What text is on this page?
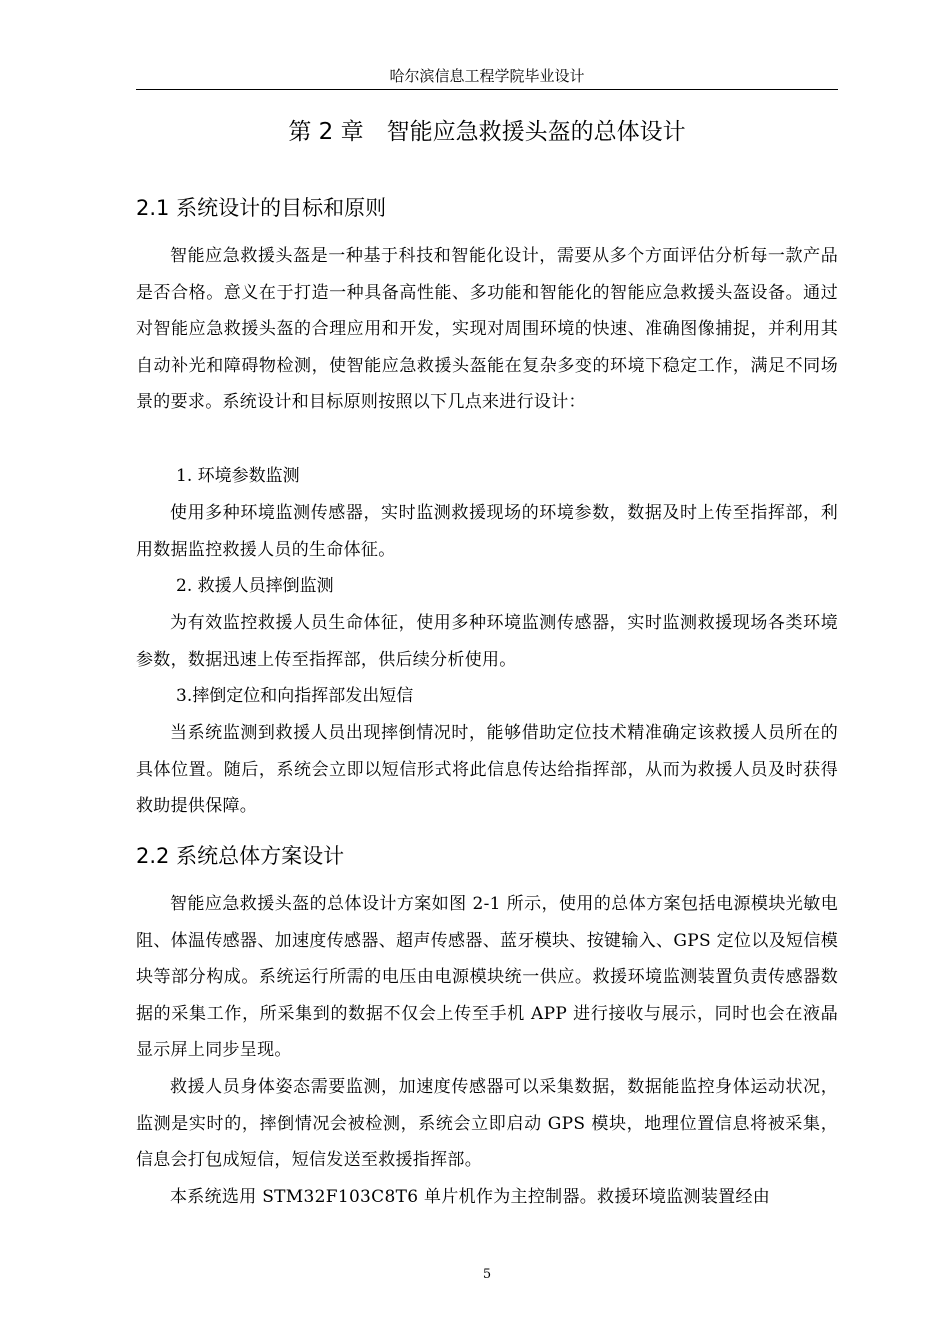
哈尔滨信息工程学院毕业设计
第 2 章　智能应急救援头盔的总体设计
2.1 系统设计的目标和原则
智能应急救援头盔是一种基于科技和智能化设计，需要从多个方面评估分析每一款产品是否合格。意义在于打造一种具备高性能、多功能和智能化的智能应急救援头盔设备。通过对智能应急救援头盔的合理应用和开发，实现对周围环境的快速、准确图像捕捉，并利用其自动补光和障碍物检测，使智能应急救援头盔能在复杂多变的环境下稳定工作，满足不同场景的要求。系统设计和目标原则按照以下几点来进行设计：
1. 环境参数监测
使用多种环境监测传感器，实时监测救援现场的环境参数，数据及时上传至指挥部，利用数据监控救援人员的生命体征。
2. 救援人员摔倒监测
为有效监控救援人员生命体征，使用多种环境监测传感器，实时监测救援现场各类环境参数，数据迅速上传至指挥部，供后续分析使用。
3.摔倒定位和向指挥部发出短信
当系统监测到救援人员出现摔倒情况时，能够借助定位技术精准确定该救援人员所在的具体位置。随后，系统会立即以短信形式将此信息传达给指挥部，从而为救援人员及时获得救助提供保障。
2.2 系统总体方案设计
智能应急救援头盔的总体设计方案如图 2-1 所示，使用的总体方案包括电源模块光敏电阻、体温传感器、加速度传感器、超声传感器、蓝牙模块、按键输入、GPS 定位以及短信模块等部分构成。系统运行所需的电压由电源模块统一供应。救援环境监测装置负责传感器数据的采集工作，所采集到的数据不仅会上传至手机 APP 进行接收与展示，同时也会在液晶显示屏上同步呈现。
救援人员身体姿态需要监测，加速度传感器可以采集数据，数据能监控身体运动状况，监测是实时的，摔倒情况会被检测，系统会立即启动 GPS 模块，地理位置信息将被采集，信息会打包成短信，短信发送至救援指挥部。
本系统选用 STM32F103C8T6 单片机作为主控制器。救援环境监测装置经由
5
